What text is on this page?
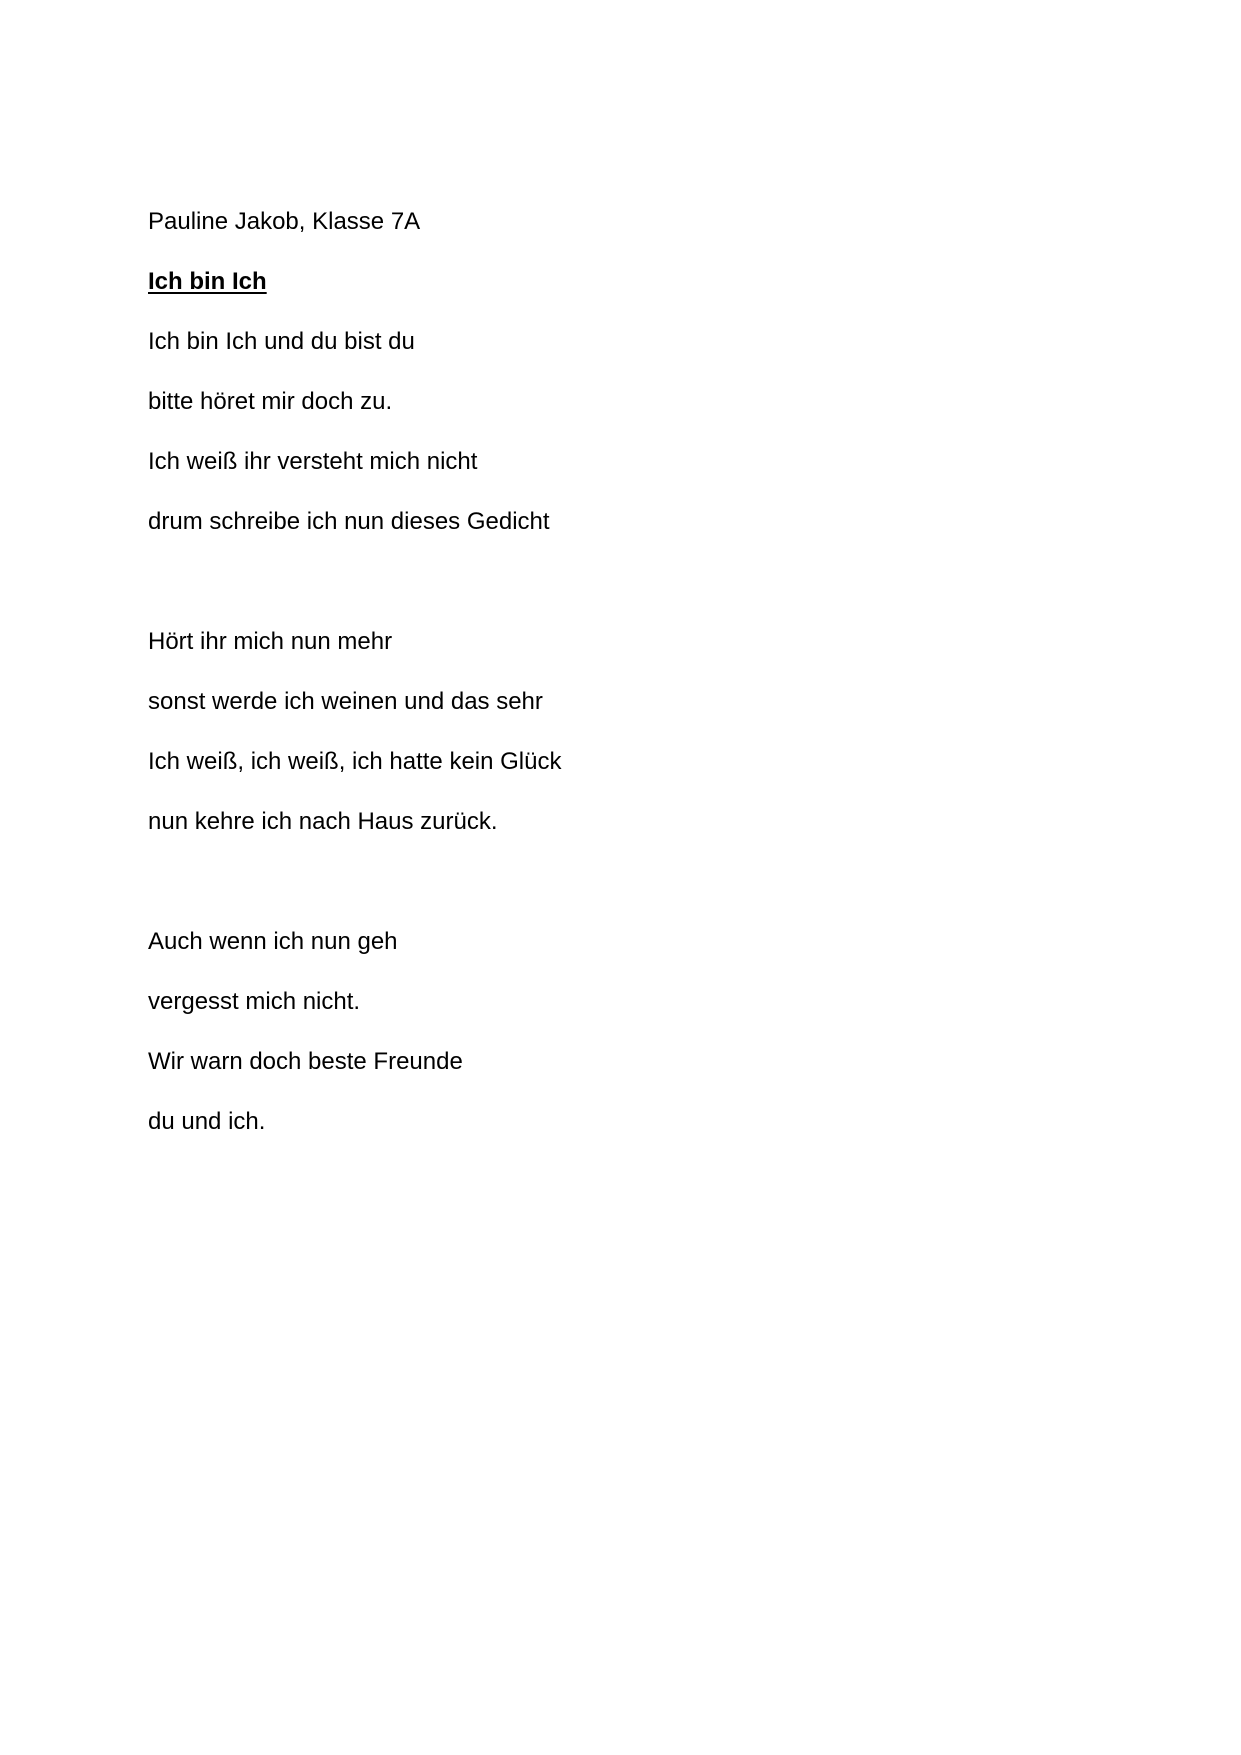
Pauline Jakob, Klasse 7A
Ich bin Ich
Ich bin Ich und du bist du
bitte höret mir doch zu.
Ich weiß ihr versteht mich nicht
drum schreibe ich nun dieses Gedicht
Hört ihr mich nun mehr
sonst werde ich weinen und das sehr
Ich weiß, ich weiß, ich hatte kein Glück
nun kehre ich nach Haus zurück.
Auch wenn ich nun geh
vergesst mich nicht.
Wir warn doch beste Freunde
du und ich.
